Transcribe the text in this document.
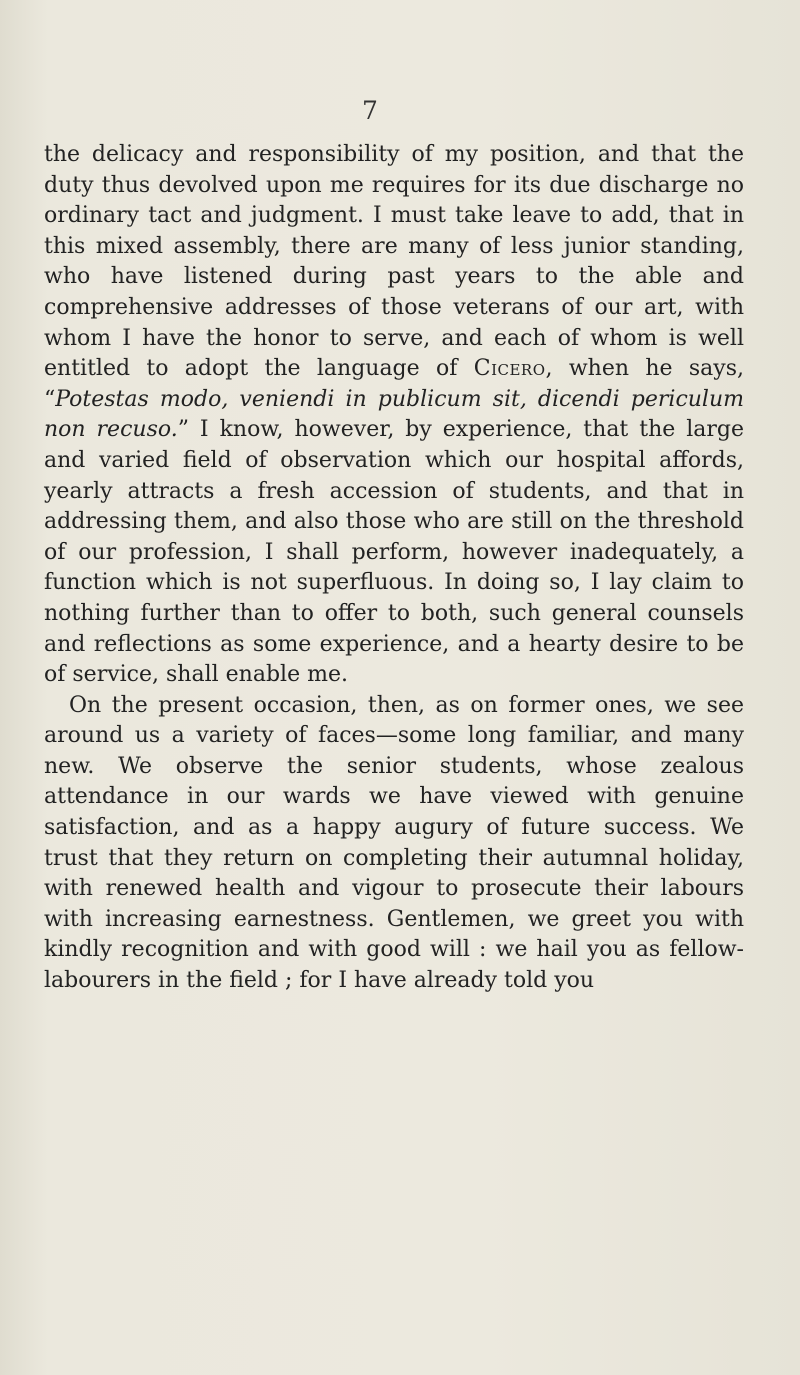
7

the delicacy and responsibility of my position, and that the duty thus devolved upon me requires for its due discharge no ordinary tact and judgment. I must take leave to add, that in this mixed assembly, there are many of less junior standing, who have listened during past years to the able and comprehensive addresses of those veterans of our art, with whom I have the honor to serve, and each of whom is well entitled to adopt the language of Cicero, when he says, “Potestas modo, veniendi in publicum sit, dicendi periculum non recuso.” I know, however, by experience, that the large and varied field of observation which our hospital affords, yearly attracts a fresh accession of students, and that in addressing them, and also those who are still on the threshold of our profession, I shall perform, however inadequately, a function which is not superfluous. In doing so, I lay claim to nothing further than to offer to both, such general counsels and reflections as some experience, and a hearty desire to be of service, shall enable me.

On the present occasion, then, as on former ones, we see around us a variety of faces—some long familiar, and many new. We observe the senior students, whose zealous attendance in our wards we have viewed with genuine satisfaction, and as a happy augury of future success. We trust that they return on completing their autumnal holiday, with renewed health and vigour to prosecute their labours with increasing earnestness. Gentlemen, we greet you with kindly recognition and with good will : we hail you as fellow-labourers in the field ; for I have already told you
